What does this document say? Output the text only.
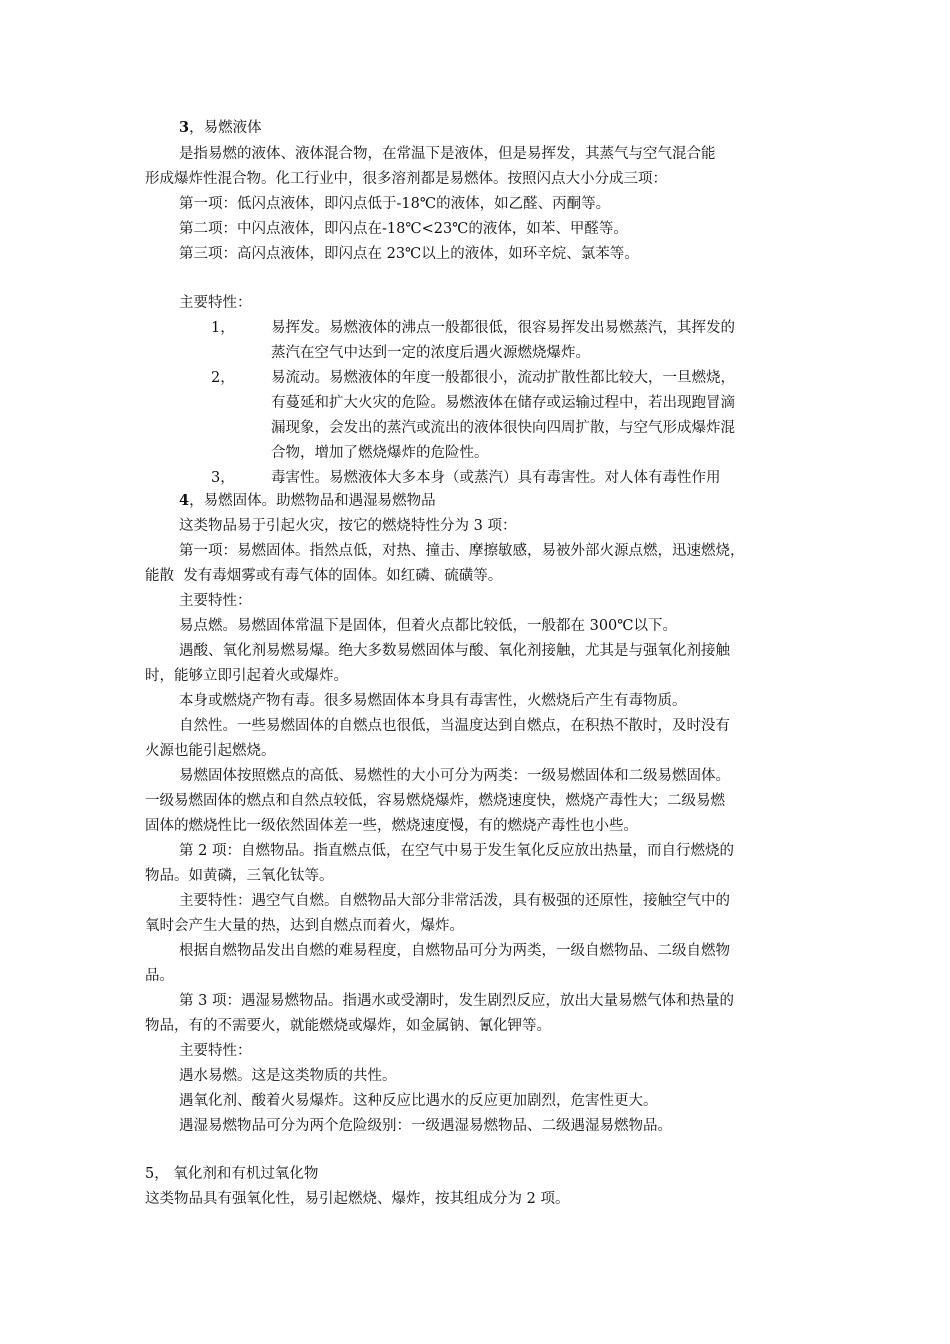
3，易燃液体
是指易燃的液体、液体混合物，在常温下是液体，但是易挥发，其蒸气与空气混合能
形成爆炸性混合物。化工行业中，很多溶剂都是易燃体。按照闪点大小分成三项：
第一项：低闪点液体，即闪点低于-18℃的液体，如乙醛、丙酮等。
第二项：中闪点液体，即闪点在-18℃<23℃的液体，如苯、甲醛等。
第三项：高闪点液体，即闪点在 23℃以上的液体，如环辛烷、氯苯等。
主要特性：
1，	易挥发。易燃液体的沸点一般都很低，很容易挥发出易燃蒸汽，其挥发的
蒸汽在空气中达到一定的浓度后遇火源燃烧爆炸。
2，	易流动。易燃液体的年度一般都很小，流动扩散性都比较大，一旦燃烧，
有蔓延和扩大火灾的危险。易燃液体在储存或运输过程中，若出现跑冒滴
漏现象，会发出的蒸汽或流出的液体很快向四周扩散，与空气形成爆炸混
合物，增加了燃烧爆炸的危险性。
3，	毒害性。易燃液体大多本身（或蒸汽）具有毒害性。对人体有毒性作用
4，易燃固体。助燃物品和遇湿易燃物品
这类物品易于引起火灾，按它的燃烧特性分为 3 项：
第一项：易燃固体。指然点低，对热、撞击、摩擦敏感，易被外部火源点燃，迅速燃烧，
能散  发有毒烟雾或有毒气体的固体。如红磷、硫磺等。
主要特性：
易点燃。易燃固体常温下是固体，但着火点都比较低，一般都在 300℃以下。
遇酸、氧化剂易燃易爆。绝大多数易燃固体与酸、氧化剂接触，尤其是与强氧化剂接触
时，能够立即引起着火或爆炸。
本身或燃烧产物有毒。很多易燃固体本身具有毒害性，火燃烧后产生有毒物质。
自然性。一些易燃固体的自燃点也很低，当温度达到自燃点，在积热不散时，及时没有
火源也能引起燃烧。
易燃固体按照燃点的高低、易燃性的大小可分为两类：一级易燃固体和二级易燃固体。
一级易燃固体的燃点和自然点较低，容易燃烧爆炸，燃烧速度快，燃烧产毒性大；二级易燃
固体的燃烧性比一级依然固体差一些，燃烧速度慢，有的燃烧产毒性也小些。
第 2 项：自燃物品。指直燃点低，在空气中易于发生氧化反应放出热量，而自行燃烧的
物品。如黄磷，三氧化钛等。
主要特性：遇空气自燃。自燃物品大部分非常活泼，具有极强的还原性，接触空气中的
氧时会产生大量的热，达到自燃点而着火，爆炸。
根据自燃物品发出自燃的难易程度，自燃物品可分为两类，一级自燃物品、二级自燃物
品。
第 3 项：遇湿易燃物品。指遇水或受潮时，发生剧烈反应，放出大量易燃气体和热量的
物品，有的不需要火，就能燃烧或爆炸，如金属钠、氰化钾等。
主要特性：
遇水易燃。这是这类物质的共性。
遇氧化剂、酸着火易爆炸。这种反应比遇水的反应更加剧烈，危害性更大。
遇湿易燃物品可分为两个危险级别：一级遇湿易燃物品、二级遇湿易燃物品。
5， 氧化剂和有机过氧化物
这类物品具有强氧化性，易引起燃烧、爆炸，按其组成分为 2 项。
